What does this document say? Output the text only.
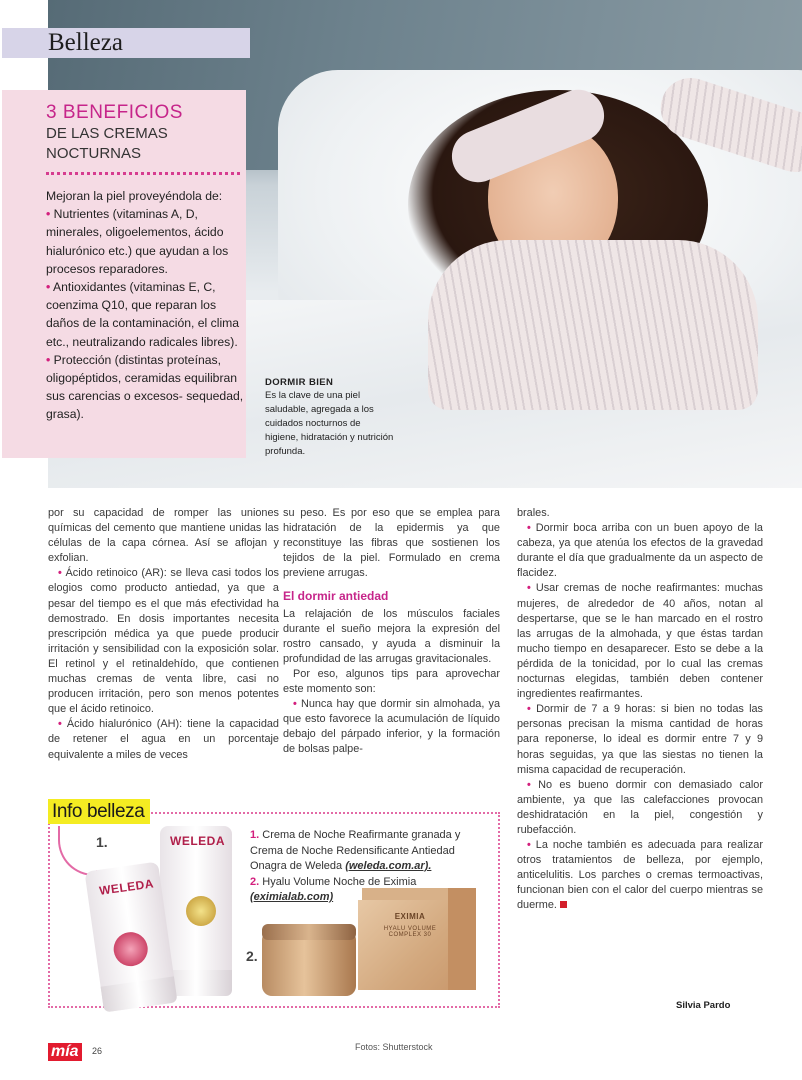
Belleza
3 BENEFICIOS
DE LAS CREMAS
NOCTURNAS

Mejoran la piel proveyéndola de:

• Nutrientes (vitaminas A, D, minerales, oligoelementos, ácido hialurónico etc.) que ayudan a los procesos reparadores.
• Antioxidantes (vitaminas E, C, coenzima Q10, que reparan los daños de la contaminación, el clima etc., neutralizando radicales libres).
• Protección (distintas proteínas, oligopéptidos, ceramidas equilibran sus carencias o excesos- sequedad, grasa).
DORMIR BIEN
Es la clave de una piel saludable, agregada a los cuidados nocturnos de higiene, hidratación y nutrición profunda.

por su capacidad de romper las uniones químicas del cemento que mantiene unidas las células de la capa córnea. Así se aflojan y exfolian.

• Ácido retinoico (AR): se lleva casi todos los elogios como producto antiedad, ya que a pesar del tiempo es el que más efectividad ha demostrado. En dosis importantes necesita prescripción médica ya que puede producir irritación y sensibilidad con la exposición solar. El retinol y el retinaldehído, que contienen muchas cremas de venta libre, casi no producen irritación, pero son menos potentes que el ácido retinoico.

• Ácido hialurónico (AH): tiene la capacidad de retener el agua en un porcentaje equivalente a miles de veces

su peso. Es por eso que se emplea para hidratación de la epidermis ya que reconstituye las fibras que sostienen los tejidos de la piel. Formulado en crema previene arrugas.

El dormir antiedad

La relajación de los músculos faciales durante el sueño mejora la expresión del rostro cansado, y ayuda a disminuir la profundidad de las arrugas gravitacionales.

Por eso, algunos tips para aprovechar este momento son:

• Nunca hay que dormir sin almohada, ya que esto favorece la acumulación de líquido debajo del párpado inferior, y la formación de bolsas palpe-

brales.

• Dormir boca arriba con un buen apoyo de la cabeza, ya que atenúa los efectos de la gravedad durante el día que gradualmente da un aspecto de flacidez.

• Usar cremas de noche reafirmantes: muchas mujeres, de alrededor de 40 años, notan al despertarse, que se le han marcado en el rostro las arrugas de la almohada, y que éstas tardan mucho tiempo en desaparecer. Esto se debe a la pérdida de la tonicidad, por lo cual las cremas nocturnas elegidas, también deben contener ingredientes reafirmantes.

• Dormir de 7 a 9 horas: si bien no todas las personas precisan la misma cantidad de horas para reponerse, lo ideal es dormir entre 7 y 9 horas seguidas, ya que las siestas no tienen la misma capacidad de recuperación.

• No es bueno dormir con demasiado calor ambiente, ya que las calefacciones provocan deshidratación en la piel, congestión y rubefacción.

• La noche también es adecuada para realizar otros tratamientos de belleza, por ejemplo, anticelulitis. Los parches o cremas termoactivas, funcionan bien con el calor del cuerpo mientras se duerme.

Silvia Pardo
Info belleza
1.
2.
WELEDA
WELEDA
EXIMIA
HYALU VOLUME COMPLEX 30
1. Crema de Noche Reafirmante granada y Crema de Noche Redensificante Antiedad Onagra de Weleda (weleda.com.ar).
2. Hyalu Volume Noche de Eximia
(eximialab.com)
mía	26	Fotos: Shutterstock
